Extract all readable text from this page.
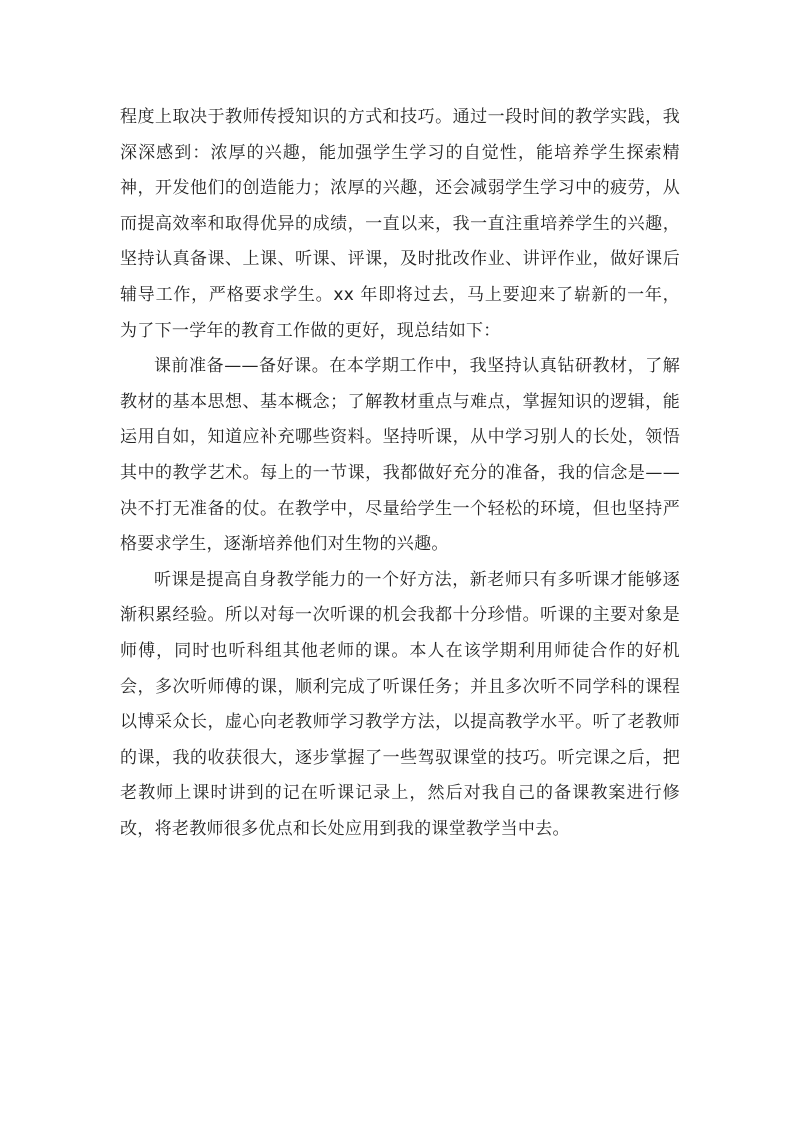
程度上取决于教师传授知识的方式和技巧。通过一段时间的教学实践，我深深感到：浓厚的兴趣，能加强学生学习的自觉性，能培养学生探索精神，开发他们的创造能力；浓厚的兴趣，还会减弱学生学习中的疲劳，从而提高效率和取得优异的成绩，一直以来，我一直注重培养学生的兴趣，坚持认真备课、上课、听课、评课，及时批改作业、讲评作业，做好课后辅导工作，严格要求学生。xx 年即将过去，马上要迎来了崭新的一年，为了下一学年的教育工作做的更好，现总结如下：

课前准备——备好课。在本学期工作中，我坚持认真钻研教材，了解教材的基本思想、基本概念；了解教材重点与难点，掌握知识的逻辑，能运用自如，知道应补充哪些资料。坚持听课，从中学习别人的长处，领悟其中的教学艺术。每上的一节课，我都做好充分的准备，我的信念是——决不打无准备的仗。在教学中，尽量给学生一个轻松的环境，但也坚持严格要求学生，逐渐培养他们对生物的兴趣。

听课是提高自身教学能力的一个好方法，新老师只有多听课才能够逐渐积累经验。所以对每一次听课的机会我都十分珍惜。听课的主要对象是师傅，同时也听科组其他老师的课。本人在该学期利用师徒合作的好机会，多次听师傅的课，顺利完成了听课任务；并且多次听不同学科的课程以博采众长，虚心向老教师学习教学方法，以提高教学水平。听了老教师的课，我的收获很大，逐步掌握了一些驾驭课堂的技巧。听完课之后，把老教师上课时讲到的记在听课记录上，然后对我自己的备课教案进行修改，将老教师很多优点和长处应用到我的课堂教学当中去。
